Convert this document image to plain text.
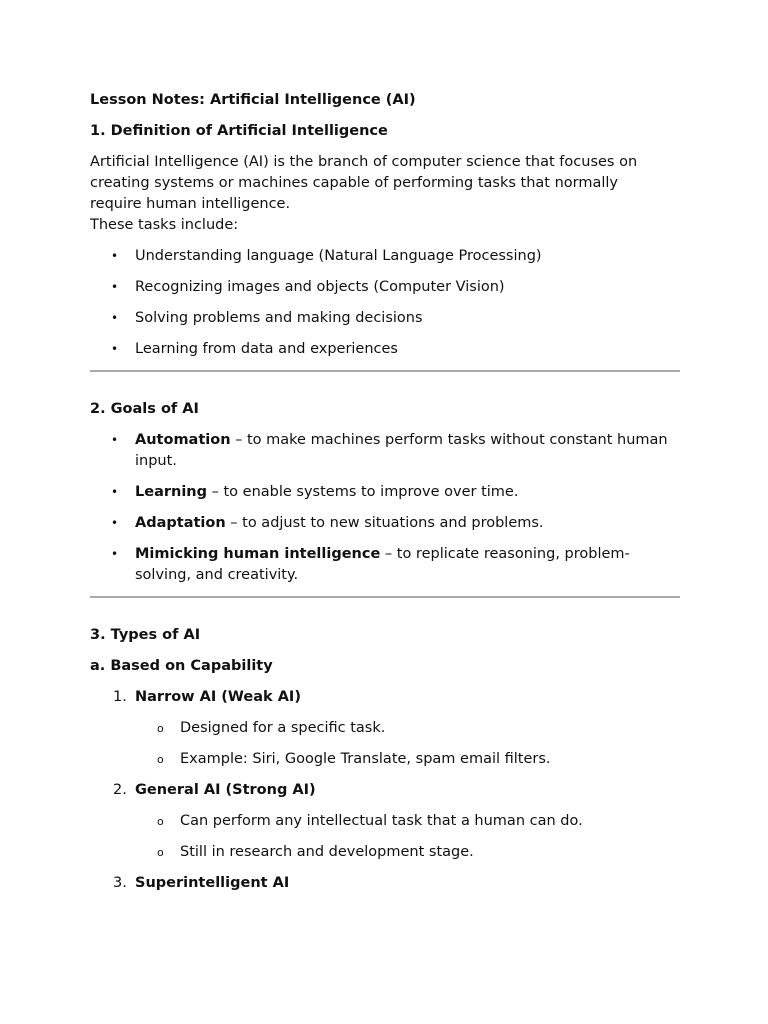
Lesson Notes: Artificial Intelligence (AI)
1. Definition of Artificial Intelligence

Artificial Intelligence (AI) is the branch of computer science that focuses on
creating systems or machines capable of performing tasks that normally
require human intelligence.
These tasks include:

• Understanding language (Natural Language Processing)
• Recognizing images and objects (Computer Vision)
• Solving problems and making decisions
• Learning from data and experiences
2. Goals of AI
• Automation – to make machines perform tasks without constant human input.
• Learning – to enable systems to improve over time.
• Adaptation – to adjust to new situations and problems.
• Mimicking human intelligence – to replicate reasoning, problem-solving, and creativity.
3. Types of AI
a. Based on Capability
1. Narrow AI (Weak AI)
o Designed for a specific task.
o Example: Siri, Google Translate, spam email filters.
2. General AI (Strong AI)
o Can perform any intellectual task that a human can do.
o Still in research and development stage.
3. Superintelligent AI
